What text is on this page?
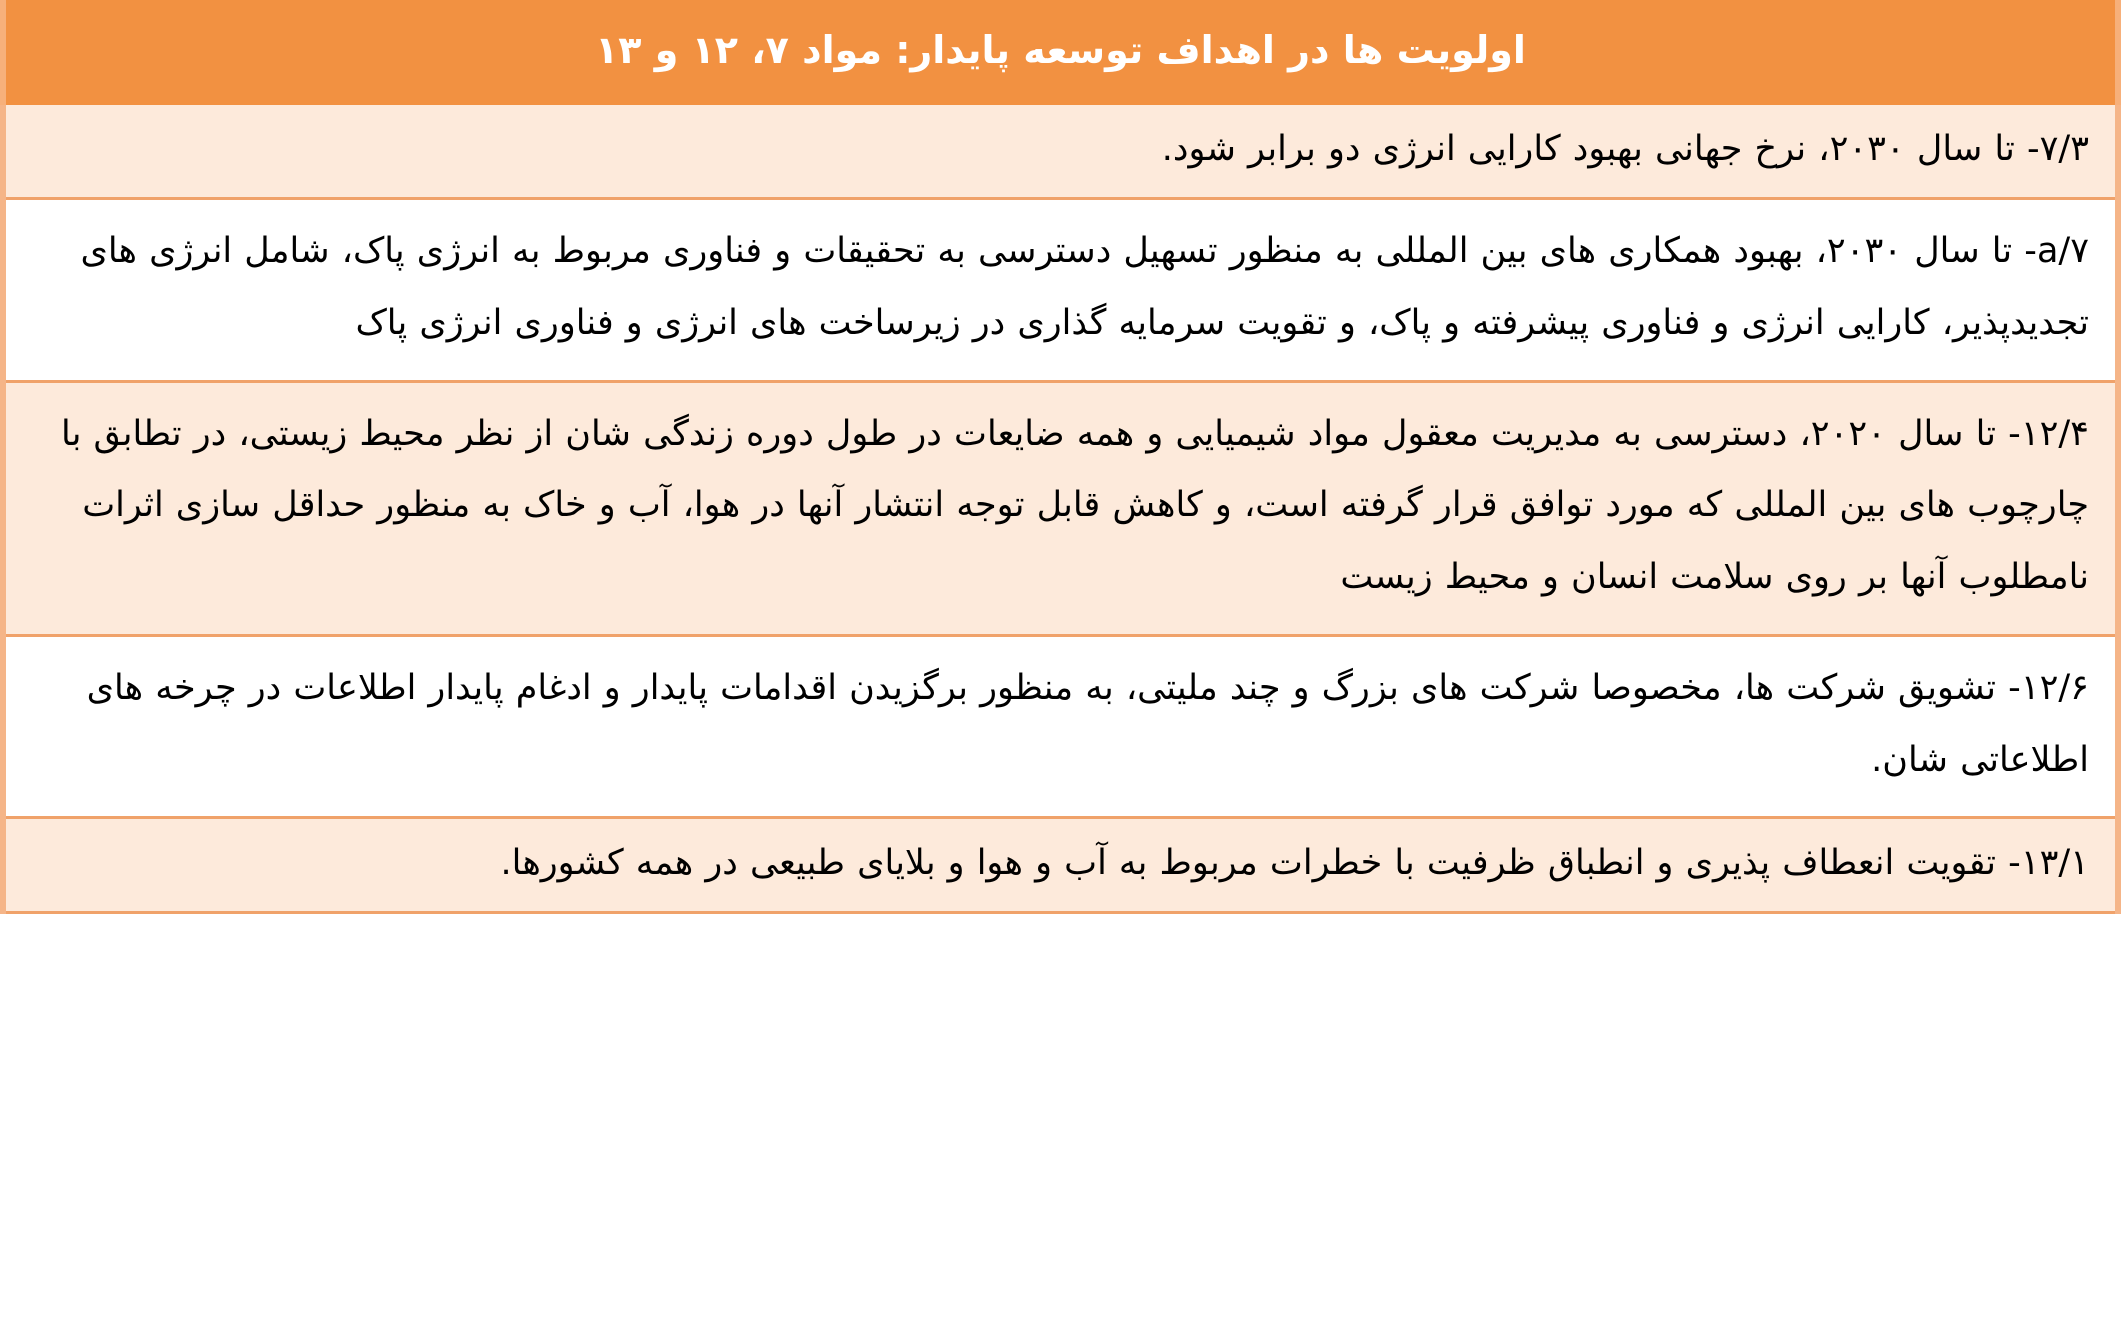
اولویت ها در اهداف توسعه پایدار: مواد ۷، ۱۲ و ۱۳
۷/۳- تا سال ۲۰۳۰، نرخ جهانی بهبود کارایی انرژی دو برابر شود.
۷/a- تا سال ۲۰۳۰، بهبود همکاری های بین المللی به منظور تسهیل دسترسی به تحقیقات و فناوری مربوط به انرژی پاک، شامل انرژی های تجدیدپذیر، کارایی انرژی و فناوری پیشرفته و پاک، و تقویت سرمایه گذاری در زیرساخت های انرژی و فناوری انرژی پاک
۱۲/۴- تا سال ۲۰۲۰، دسترسی به مدیریت معقول مواد شیمیایی و همه ضایعات در طول دوره زندگی شان از نظر محیط زیستی، در تطابق با چارچوب های بین المللی که مورد توافق قرار گرفته است، و کاهش قابل توجه انتشار آنها در هوا، آب و خاک به منظور حداقل سازی اثرات نامطلوب آنها بر روی سلامت انسان و محیط زیست
۱۲/۶- تشویق شرکت ها، مخصوصا شرکت های بزرگ و چند ملیتی، به منظور برگزیدن اقدامات پایدار و ادغام پایدار اطلاعات در چرخه های اطلاعاتی شان.
۱۳/۱- تقویت انعطاف پذیری و انطباق ظرفیت با خطرات مربوط به آب و هوا و بلایای طبیعی در همه کشورها.
